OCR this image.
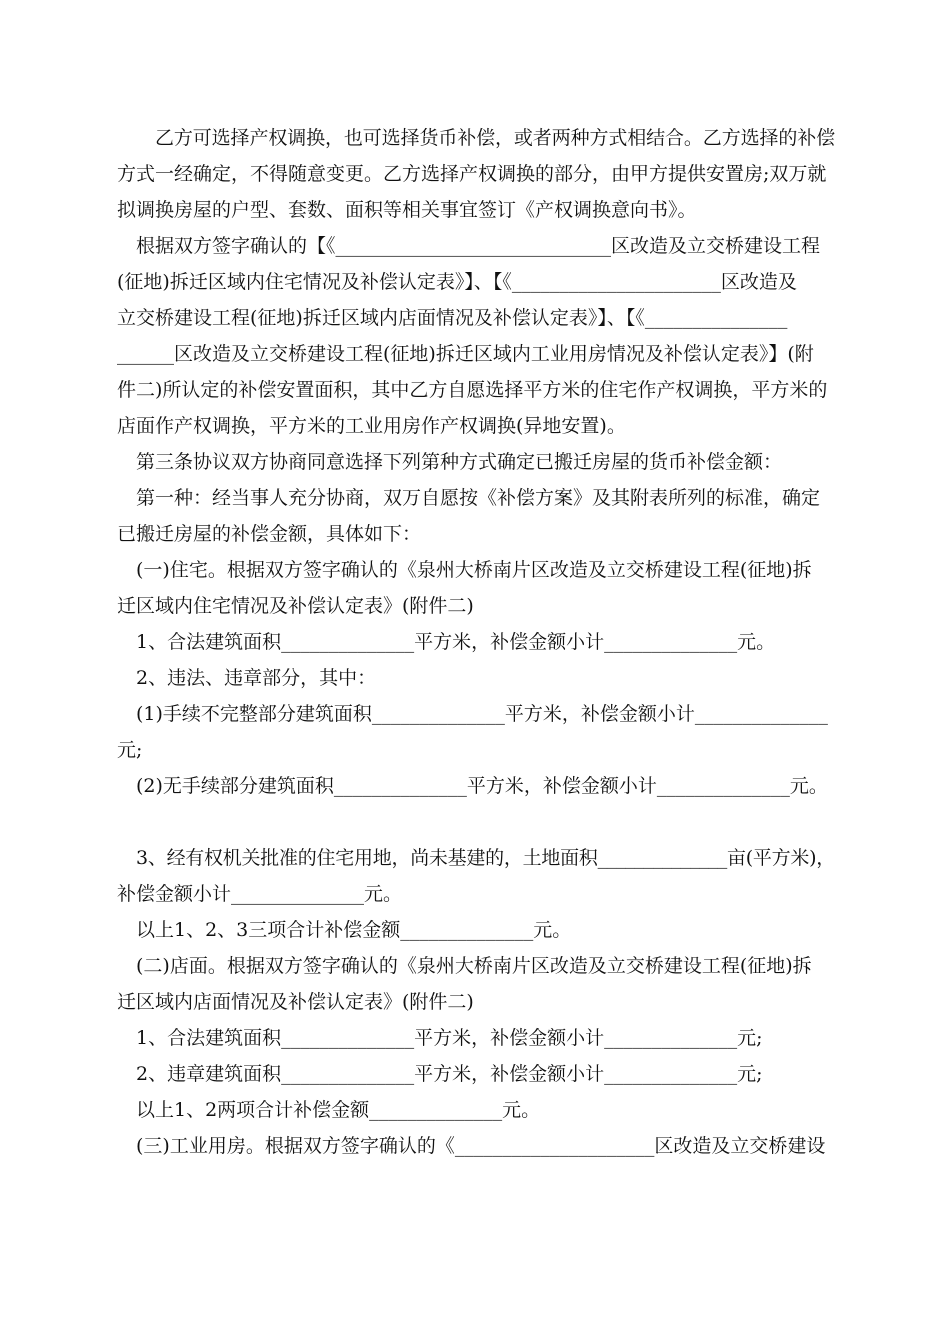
乙方可选择产权调换，也可选择货币补偿，或者两种方式相结合。乙方选择的补偿
方式一经确定，不得随意变更。乙方选择产权调换的部分，由甲方提供安置房;双万就
拟调换房屋的户型、套数、面积等相关事宜签订《产权调换意向书》。
根据双方签字确认的【《_____________________________区改造及立交桥建设工程
(征地)拆迁区域内住宅情况及补偿认定表》】、【《______________________区改造及
立交桥建设工程(征地)拆迁区域内店面情况及补偿认定表》】、【《_______________
______区改造及立交桥建设工程(征地)拆迁区域内工业用房情况及补偿认定表》】(附
件二)所认定的补偿安置面积，其中乙方自愿选择平方米的住宅作产权调换，平方米的
店面作产权调换，平方米的工业用房作产权调换(异地安置)。
第三条协议双方协商同意选择下列第种方式确定已搬迁房屋的货币补偿金额：
第一种：经当事人充分协商，双万自愿按《补偿方案》及其附表所列的标准，确定
已搬迁房屋的补偿金额，具体如下：
(一)住宅。根据双方签字确认的《泉州大桥南片区改造及立交桥建设工程(征地)拆
迁区域内住宅情况及补偿认定表》(附件二)
1、合法建筑面积______________平方米，补偿金额小计______________元。
2、违法、违章部分，其中：
(1)手续不完整部分建筑面积______________平方米，补偿金额小计______________
元;
(2)无手续部分建筑面积______________平方米，补偿金额小计______________元。
3、经有权机关批准的住宅用地，尚未基建的，土地面积______________亩(平方米)，
补偿金额小计______________元。
以上1、2、3三项合计补偿金额______________元。
(二)店面。根据双方签字确认的《泉州大桥南片区改造及立交桥建设工程(征地)拆
迁区域内店面情况及补偿认定表》(附件二)
1、合法建筑面积______________平方米，补偿金额小计______________元;
2、违章建筑面积______________平方米，补偿金额小计______________元;
以上1、2两项合计补偿金额______________元。
(三)工业用房。根据双方签字确认的《_____________________区改造及立交桥建设
